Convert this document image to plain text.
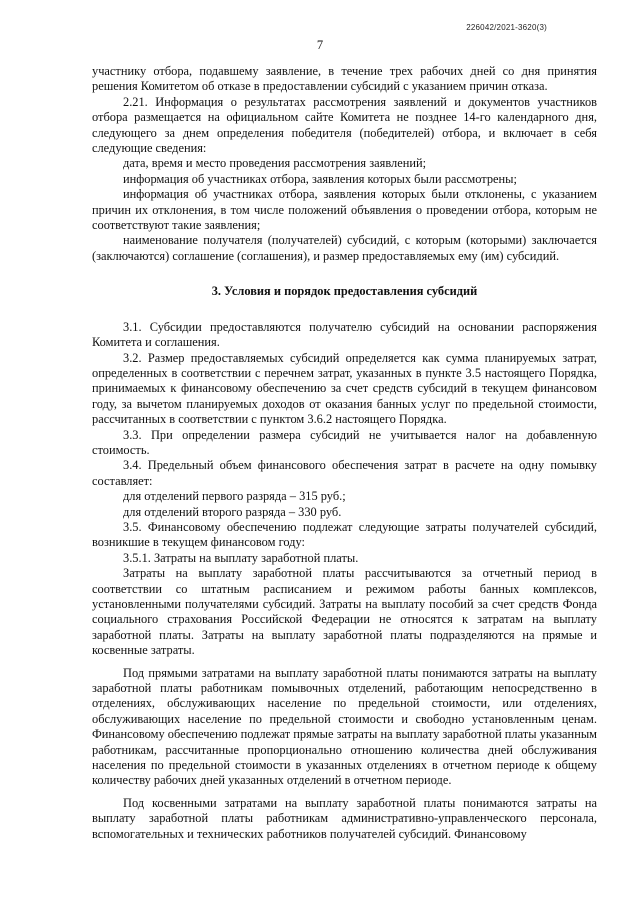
226042/2021-3620(3)
7

участнику отбора, подавшему заявление, в течение трех рабочих дней со дня принятия решения Комитетом об отказе в предоставлении субсидий с указанием причин отказа.

2.21. Информация о результатах рассмотрения заявлений и документов участников отбора размещается на официальном сайте Комитета не позднее 14-го календарного дня, следующего за днем определения победителя (победителей) отбора, и включает в себя следующие сведения:

дата, время и место проведения рассмотрения заявлений;

информация об участниках отбора, заявления которых были рассмотрены;

информация об участниках отбора, заявления которых были отклонены, с указанием причин их отклонения, в том числе положений объявления о проведении отбора, которым не соответствуют такие заявления;

наименование получателя (получателей) субсидий, с которым (которыми) заключается (заключаются) соглашение (соглашения), и размер предоставляемых ему (им) субсидий.

3. Условия и порядок предоставления субсидий

3.1. Субсидии предоставляются получателю субсидий на основании распоряжения Комитета и соглашения.

3.2. Размер предоставляемых субсидий определяется как сумма планируемых затрат, определенных в соответствии с перечнем затрат, указанных в пункте 3.5 настоящего Порядка, принимаемых к финансовому обеспечению за счет средств субсидий в текущем финансовом году, за вычетом планируемых доходов от оказания банных услуг по предельной стоимости, рассчитанных в соответствии с пунктом 3.6.2 настоящего Порядка.

3.3. При определении размера субсидий не учитывается налог на добавленную стоимость.

3.4. Предельный объем финансового обеспечения затрат в расчете на одну помывку составляет:

для отделений первого разряда – 315 руб.;

для отделений второго разряда – 330 руб.

3.5. Финансовому обеспечению подлежат следующие затраты получателей субсидий, возникшие в текущем финансовом году:

3.5.1. Затраты на выплату заработной платы.

Затраты на выплату заработной платы рассчитываются за отчетный период в соответствии со штатным расписанием и режимом работы банных комплексов, установленными получателями субсидий. Затраты на выплату пособий за счет средств Фонда социального страхования Российской Федерации не относятся к затратам на выплату заработной платы. Затраты на выплату заработной платы подразделяются на прямые и косвенные затраты.

Под прямыми затратами на выплату заработной платы понимаются затраты на выплату заработной платы работникам помывочных отделений, работающим непосредственно в отделениях, обслуживающих население по предельной стоимости, или отделениях, обслуживающих население по предельной стоимости и свободно установленным ценам. Финансовому обеспечению подлежат прямые затраты на выплату заработной платы указанным работникам, рассчитанные пропорционально отношению количества дней обслуживания населения по предельной стоимости в указанных отделениях в отчетном периоде к общему количеству рабочих дней указанных отделений в отчетном периоде.

Под косвенными затратами на выплату заработной платы понимаются затраты на выплату заработной платы работникам административно-управленческого персонала, вспомогательных и технических работников получателей субсидий. Финансовому
